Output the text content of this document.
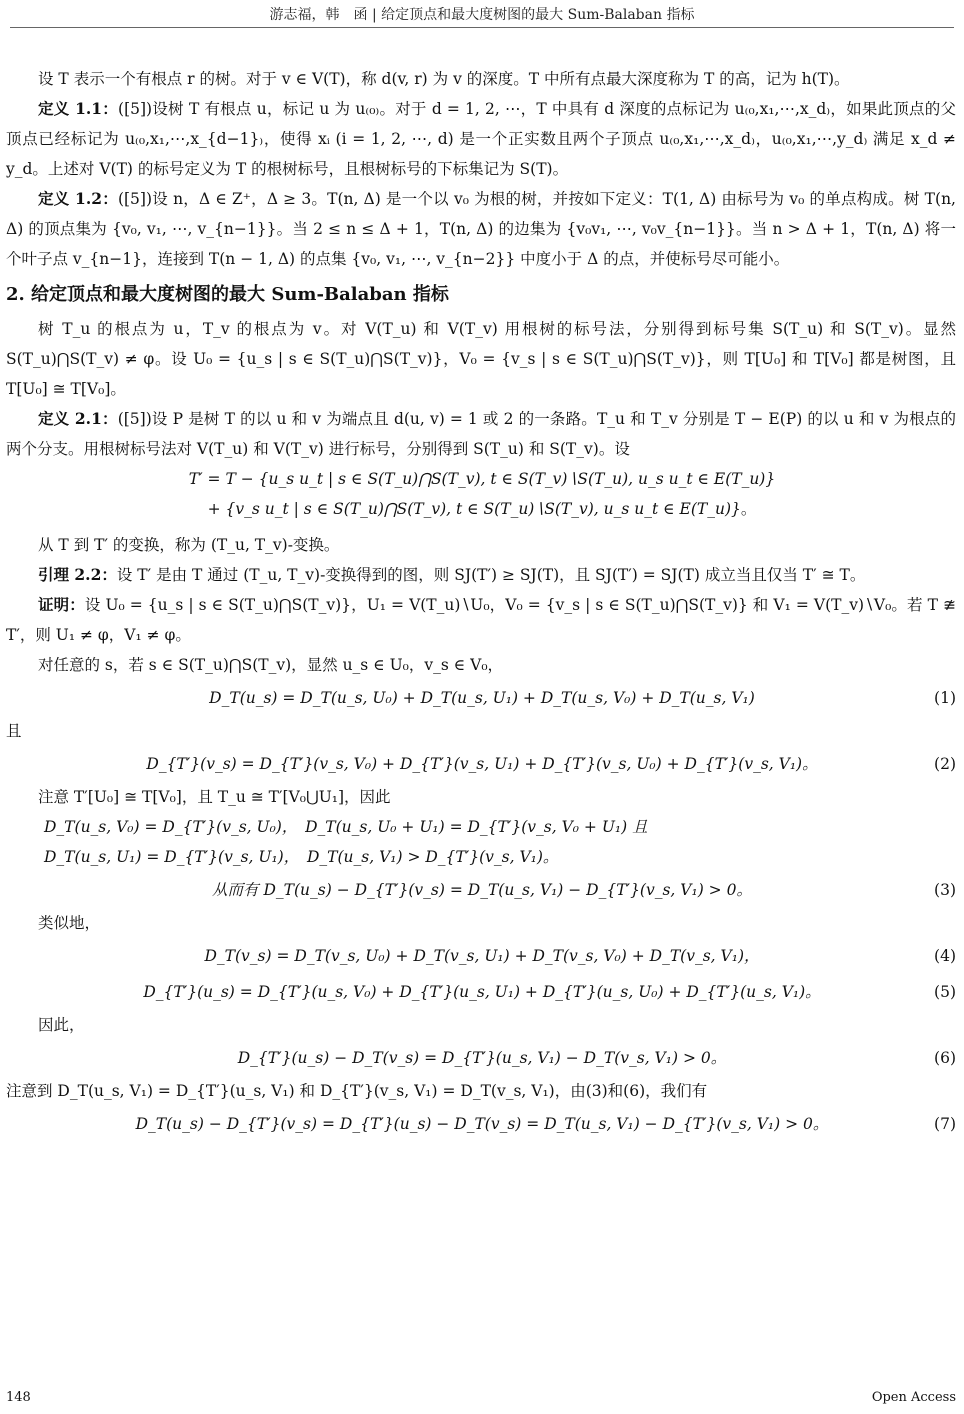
游志福，韩　函 | 给定顶点和最大度树图的最大 Sum-Balaban 指标

设 T 表示一个有根点 r 的树。对于 v ∈ V(T)，称 d(v, r) 为 v 的深度。T 中所有点最大深度称为 T 的高，记为 h(T)。

定义 1.1：([5])设树 T 有根点 u，标记 u 为 u₍₀₎。对于 d = 1, 2, ⋯，T 中具有 d 深度的点标记为 u₍₀,x₁,⋯,x_d₎，如果此顶点的父顶点已经标记为 u₍₀,x₁,⋯,x_{d−1}₎，使得 xᵢ (i = 1, 2, ⋯, d) 是一个正实数且两个子顶点 u₍₀,x₁,⋯,x_d₎，u₍₀,x₁,⋯,y_d₎ 满足 x_d ≠ y_d。上述对 V(T) 的标号定义为 T 的根树标号，且根树标号的下标集记为 S(T)。

定义 1.2：([5])设 n，Δ ∈ Z⁺，Δ ≥ 3。T(n, Δ) 是一个以 v₀ 为根的树，并按如下定义：T(1, Δ) 由标号为 v₀ 的单点构成。树 T(n, Δ) 的顶点集为 {v₀, v₁, ⋯, v_{n−1}}。当 2 ≤ n ≤ Δ + 1，T(n, Δ) 的边集为 {v₀v₁, ⋯, v₀v_{n−1}}。当 n > Δ + 1，T(n, Δ) 将一个叶子点 v_{n−1}，连接到 T(n − 1, Δ) 的点集 {v₀, v₁, ⋯, v_{n−2}} 中度小于 Δ 的点，并使标号尽可能小。

2. 给定顶点和最大度树图的最大 Sum-Balaban 指标

树 T_u 的根点为 u，T_v 的根点为 v。对 V(T_u) 和 V(T_v) 用根树的标号法，分别得到标号集 S(T_u) 和 S(T_v)。显然 S(T_u)⋂S(T_v) ≠ φ。设 U₀ = {u_s | s ∈ S(T_u)⋂S(T_v)}，V₀ = {v_s | s ∈ S(T_u)⋂S(T_v)}，则 T[U₀] 和 T[V₀] 都是树图，且 T[U₀] ≅ T[V₀]。

定义 2.1：([5])设 P 是树 T 的以 u 和 v 为端点且 d(u, v) = 1 或 2 的一条路。T_u 和 T_v 分别是 T − E(P) 的以 u 和 v 为根点的两个分支。用根树标号法对 V(T_u) 和 V(T_v) 进行标号，分别得到 S(T_u) 和 S(T_v)。设

T′ = T − {u_s u_t | s ∈ S(T_u)⋂S(T_v), t ∈ S(T_v)∖S(T_u), u_s u_t ∈ E(T_u)}
+ {v_s u_t | s ∈ S(T_u)⋂S(T_v), t ∈ S(T_u)∖S(T_v), u_s u_t ∈ E(T_u)}。

从 T 到 T′ 的变换，称为 (T_u, T_v)-变换。

引理 2.2：设 T′ 是由 T 通过 (T_u, T_v)-变换得到的图，则 SJ(T′) ≥ SJ(T)，且 SJ(T′) = SJ(T) 成立当且仅当 T′ ≅ T。

证明：设 U₀ = {u_s | s ∈ S(T_u)⋂S(T_v)}，U₁ = V(T_u)∖U₀，V₀ = {v_s | s ∈ S(T_u)⋂S(T_v)} 和 V₁ = V(T_v)∖V₀。若 T ≇ T′，则 U₁ ≠ φ，V₁ ≠ φ。

对任意的 s，若 s ∈ S(T_u)⋂S(T_v)，显然 u_s ∈ U₀，v_s ∈ V₀，

D_T(u_s) = D_T(u_s, U₀) + D_T(u_s, U₁) + D_T(u_s, V₀) + D_T(u_s, V₁)	(1)

且

D_{T′}(v_s) = D_{T′}(v_s, V₀) + D_{T′}(v_s, U₁) + D_{T′}(v_s, U₀) + D_{T′}(v_s, V₁)。	(2)

注意 T′[U₀] ≅ T[V₀]，且 T_u ≅ T′[V₀⋃U₁]，因此

D_T(u_s, V₀) = D_{T′}(v_s, U₀)，　D_T(u_s, U₀ + U₁) = D_{T′}(v_s, V₀ + U₁) 且
D_T(u_s, U₁) = D_{T′}(v_s, U₁)，　D_T(u_s, V₁) > D_{T′}(v_s, V₁)。
从而有 D_T(u_s) − D_{T′}(v_s) = D_T(u_s, V₁) − D_{T′}(v_s, V₁) > 0。	(3)

类似地，

D_T(v_s) = D_T(v_s, U₀) + D_T(v_s, U₁) + D_T(v_s, V₀) + D_T(v_s, V₁)，	(4)
D_{T′}(u_s) = D_{T′}(u_s, V₀) + D_{T′}(u_s, U₁) + D_{T′}(u_s, U₀) + D_{T′}(u_s, V₁)。	(5)

因此，

D_{T′}(u_s) − D_T(v_s) = D_{T′}(u_s, V₁) − D_T(v_s, V₁) > 0。	(6)

注意到 D_T(u_s, V₁) = D_{T′}(u_s, V₁) 和 D_{T′}(v_s, V₁) = D_T(v_s, V₁)，由(3)和(6)，我们有

D_T(u_s) − D_{T′}(v_s) = D_{T′}(u_s) − D_T(v_s) = D_T(u_s, V₁) − D_{T′}(v_s, V₁) > 0。	(7)
148	Open Access
